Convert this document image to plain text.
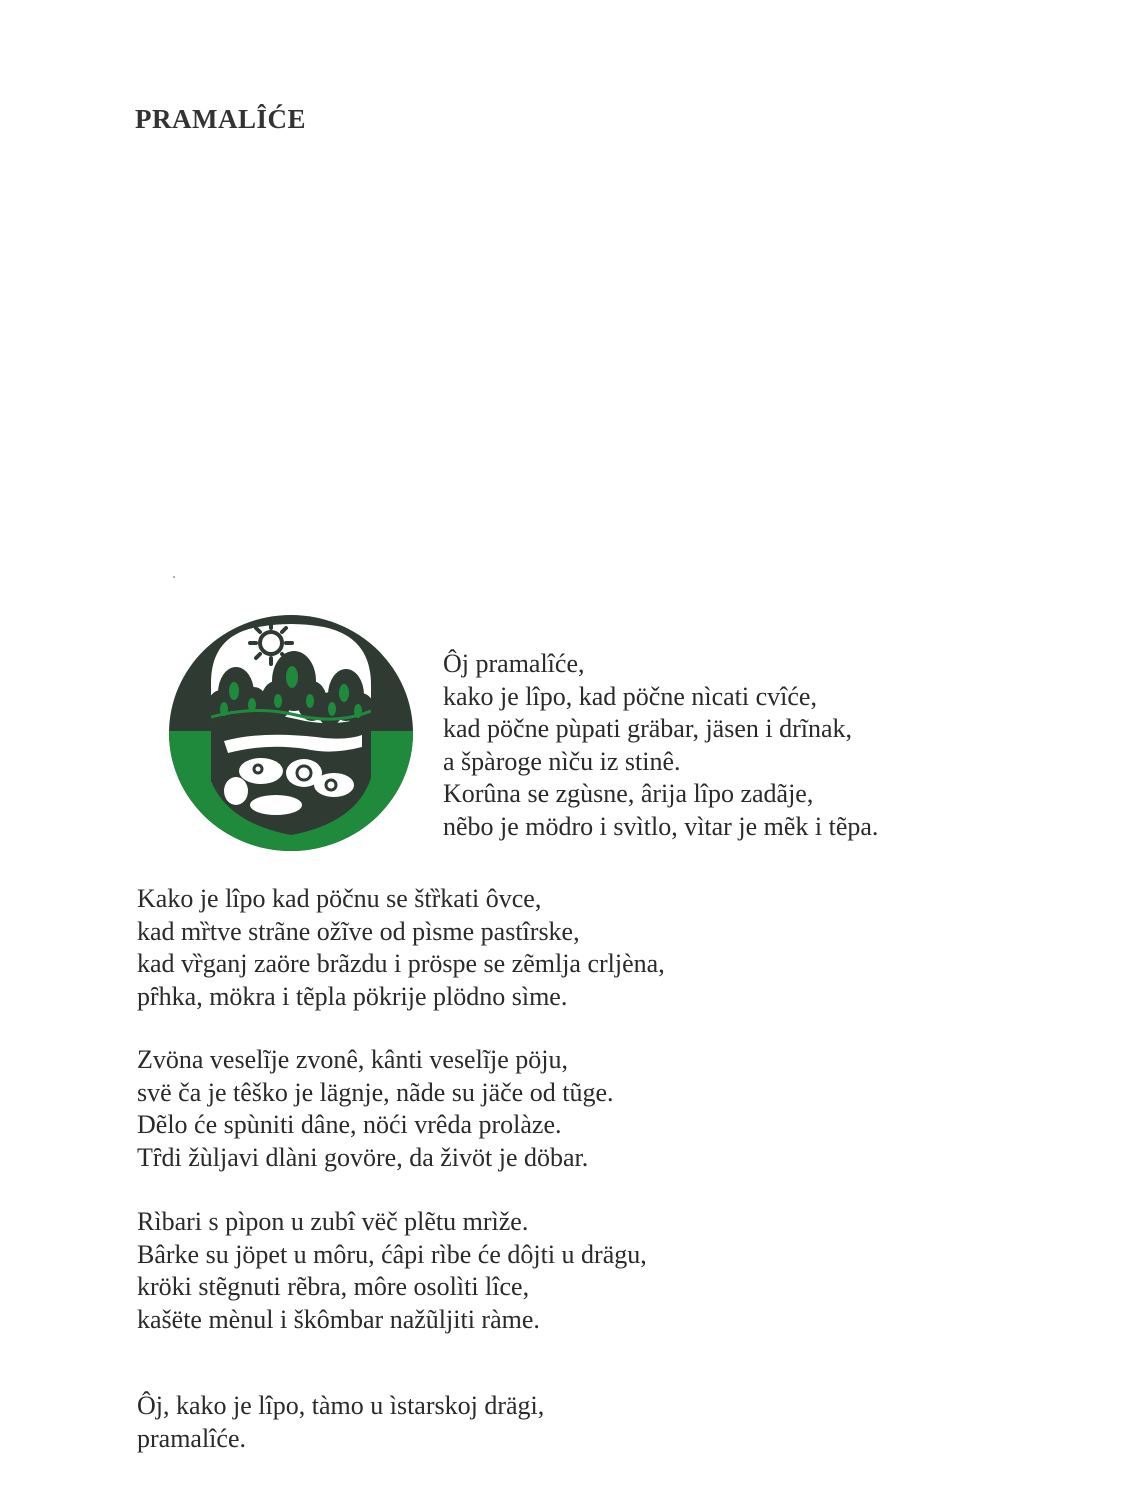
PRAMALÎĆE
Ôj pramalîće,
kako je lîpo, kad pöčne nìcati cvîće,
kad pöčne pùpati gräbar, jäsen i drĩnak,
a špàroge nìču iz stinê.
Korûna se zgùsne, ârija lîpo zadãje,
nẽbo je mödro i svìtlo, vìtar je mẽk i tẽpa.
Kako je lîpo kad pöčnu se štȑkati ôvce,
kad mȑtve strãne ožĩve od pìsme pastîrske,
kad vȑganj zaöre brãzdu i pröspe se zẽmlja crljèna,
pȓhka, mökra i tẽpla pökrije plödno sìme.
Zvöna veselĩje zvonê, kânti veselĩje pöju,
svë ča je têško je lägnje, nãde su jäče od tũge.
Dẽlo će spùniti dâne, nöći vrêda prolàze.
Tȓdi žùljavi dlàni govöre, da živöt je döbar.
Rìbari s pìpon u zubî vëč plẽtu mrìže.
Bârke su jöpet u môru, ćâpi rìbe će dôjti u drägu,
kröki stẽgnuti rẽbra, môre osolìti lîce,
kašëte mènul i škômbar nažũljiti ràme.
Ôj, kako je lîpo, tàmo u ìstarskoj drägi,
pramalîće.
